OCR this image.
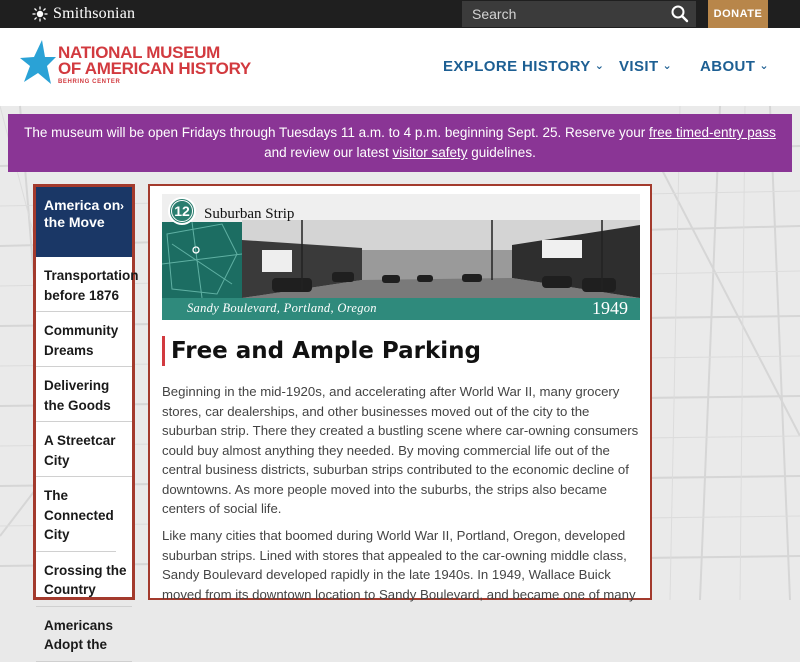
Smithsonian
Search	DONATE
NATIONAL MUSEUM
OF AMERICAN HISTORY
BEHRING CENTER
EXPLORE HISTORY ⌄ VISIT ⌄ ABOUT ⌄
The museum will be open Fridays through Tuesdays 11 a.m. to 4 p.m. beginning Sept. 25. Reserve your free timed-entry pass and review our latest visitor safety guidelines.
America on the Move
›
Transportation before 1876
Community Dreams
Delivering the Goods
A Streetcar City
The Connected City
Crossing the Country
Americans Adopt the
12 Suburban Strip
Sandy Boulevard, Portland, Oregon	1949
Free and Ample Parking

Beginning in the mid-1920s, and accelerating after World War II, many grocery stores, car dealerships, and other businesses moved out of the city to the suburban strip. There they created a bustling scene where car-owning consumers could buy almost anything they needed. By moving commercial life out of the central business districts, suburban strips contributed to the economic decline of downtowns. As more people moved into the suburbs, the strips also became centers of social life.

Like many cities that boomed during World War II, Portland, Oregon, developed suburban strips. Lined with stores that appealed to the car-owning middle class, Sandy Boulevard developed rapidly in the late 1940s. In 1949, Wallace Buick moved from its downtown location to Sandy Boulevard, and became one of many
